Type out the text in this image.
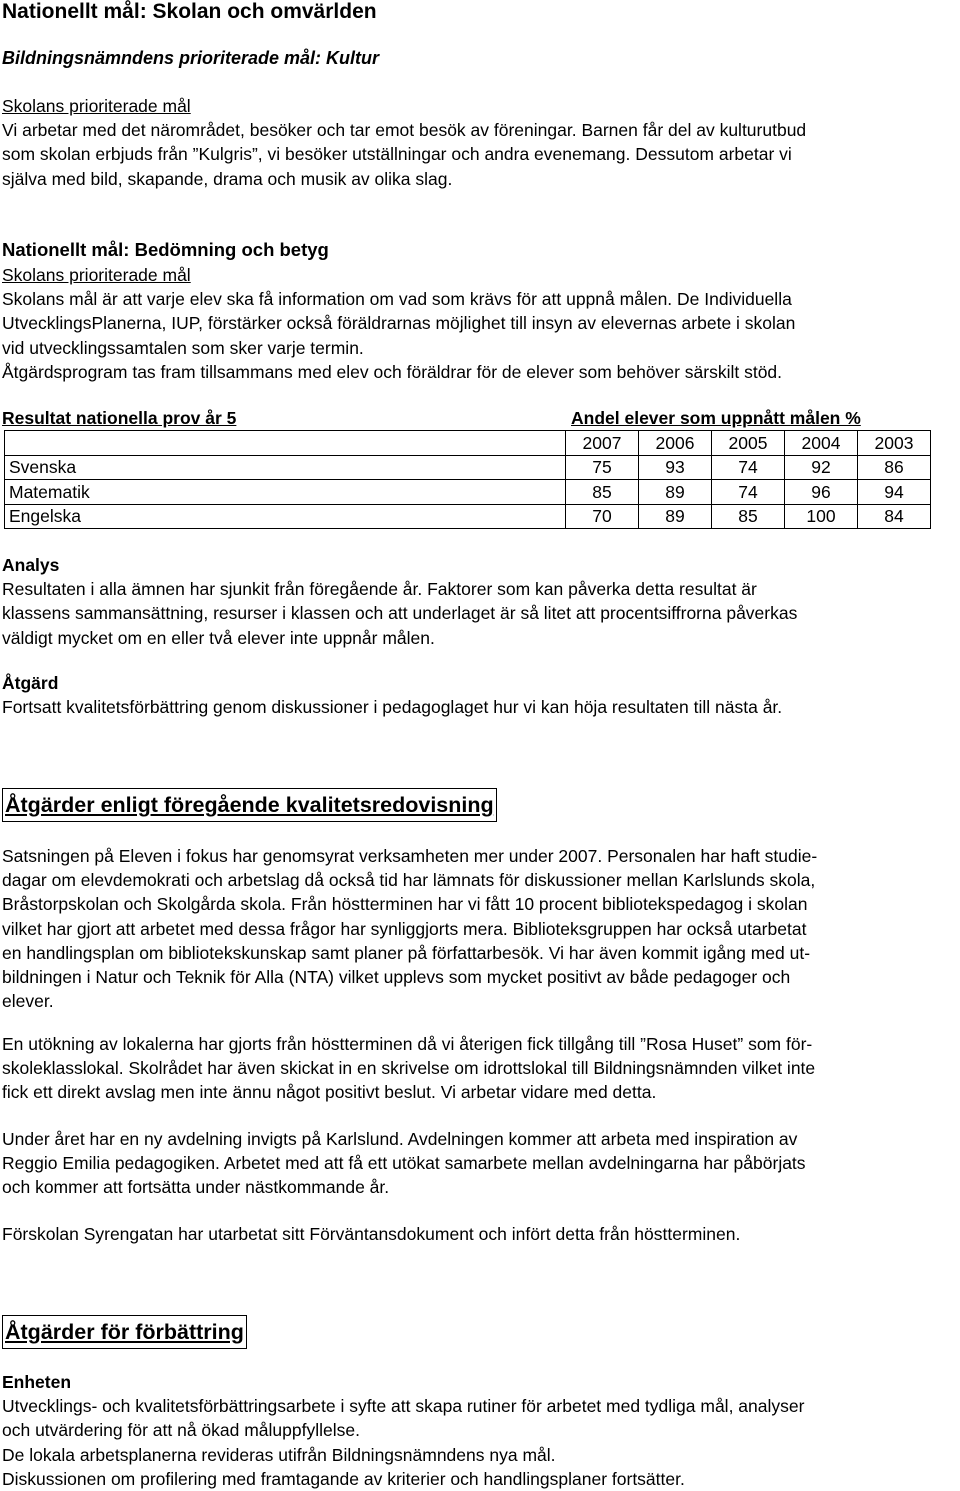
Nationellt mål: Skolan och omvärlden
Bildningsnämndens prioriterade mål: Kultur

Skolans prioriterade mål

Vi arbetar med det närområdet, besöker och tar emot besök av föreningar. Barnen får del av kulturutbud

som skolan erbjuds från ”Kulgris”, vi besöker utställningar och andra evenemang. Dessutom arbetar vi

själva med bild, skapande, drama och musik av olika slag.

Nationellt mål: Bedömning och betyg

Skolans prioriterade mål

Skolans mål är att varje elev ska få information om vad som krävs för att uppnå målen. De Individuella

UtvecklingsPlanerna, IUP, förstärker också föräldrarnas möjlighet till insyn av elevernas arbete i skolan

vid utvecklingssamtalen som sker varje termin.

Åtgärdsprogram tas fram tillsammans med elev och föräldrar för de elever som behöver särskilt stöd.

Resultat nationella prov år 5	Andel elever som uppnått målen %
	2007	2006	2005	2004	2003
Svenska	75	93	74	92	86
Matematik	85	89	74	96	94
Engelska	70	89	85	100	84

Analys

Resultaten i alla ämnen har sjunkit från föregående år. Faktorer som kan påverka detta resultat är

klassens sammansättning, resurser i klassen och att underlaget är så litet att procentsiffrorna påverkas

väldigt mycket om en eller två elever inte uppnår målen.

Åtgärd

Fortsatt kvalitetsförbättring genom diskussioner i pedagoglaget hur vi kan höja resultaten till nästa år.

Åtgärder enligt föregående kvalitetsredovisning

Satsningen på Eleven i fokus har genomsyrat verksamheten mer under 2007. Personalen har haft studie-

dagar om elevdemokrati och arbetslag då också tid har lämnats för diskussioner mellan Karlslunds skola,

Bråstorpskolan och Skolgårda skola. Från höstterminen har vi fått 10 procent bibliotekspedagog i skolan

vilket har gjort att arbetet med dessa frågor har synliggjorts mera. Biblioteksgruppen har också utarbetat

en handlingsplan om bibliotekskunskap samt planer på författarbesök. Vi har även kommit igång med ut-

bildningen i Natur och Teknik för Alla (NTA) vilket upplevs som mycket positivt av både pedagoger och

elever.

En utökning av lokalerna har gjorts från höstterminen då vi återigen fick tillgång till ”Rosa Huset” som för-

skoleklasslokal. Skolrådet har även skickat in en skrivelse om idrottslokal till Bildningsnämnden vilket inte

fick ett direkt avslag men inte ännu något positivt beslut. Vi arbetar vidare med detta.

Under året har en ny avdelning invigts på Karlslund. Avdelningen kommer att arbeta med inspiration av

Reggio Emilia pedagogiken. Arbetet med att få ett utökat samarbete mellan avdelningarna har påbörjats

och kommer att fortsätta under nästkommande år.

Förskolan Syrengatan har utarbetat sitt Förväntansdokument och infört detta från höstterminen.

Åtgärder för förbättring

Enheten

Utvecklings- och kvalitetsförbättringsarbete i syfte att skapa rutiner för arbetet med tydliga mål, analyser

och utvärdering för att nå ökad måluppfyllelse.

De lokala arbetsplanerna revideras utifrån Bildningsnämndens nya mål.

Diskussionen om profilering med framtagande av kriterier och handlingsplaner fortsätter.
